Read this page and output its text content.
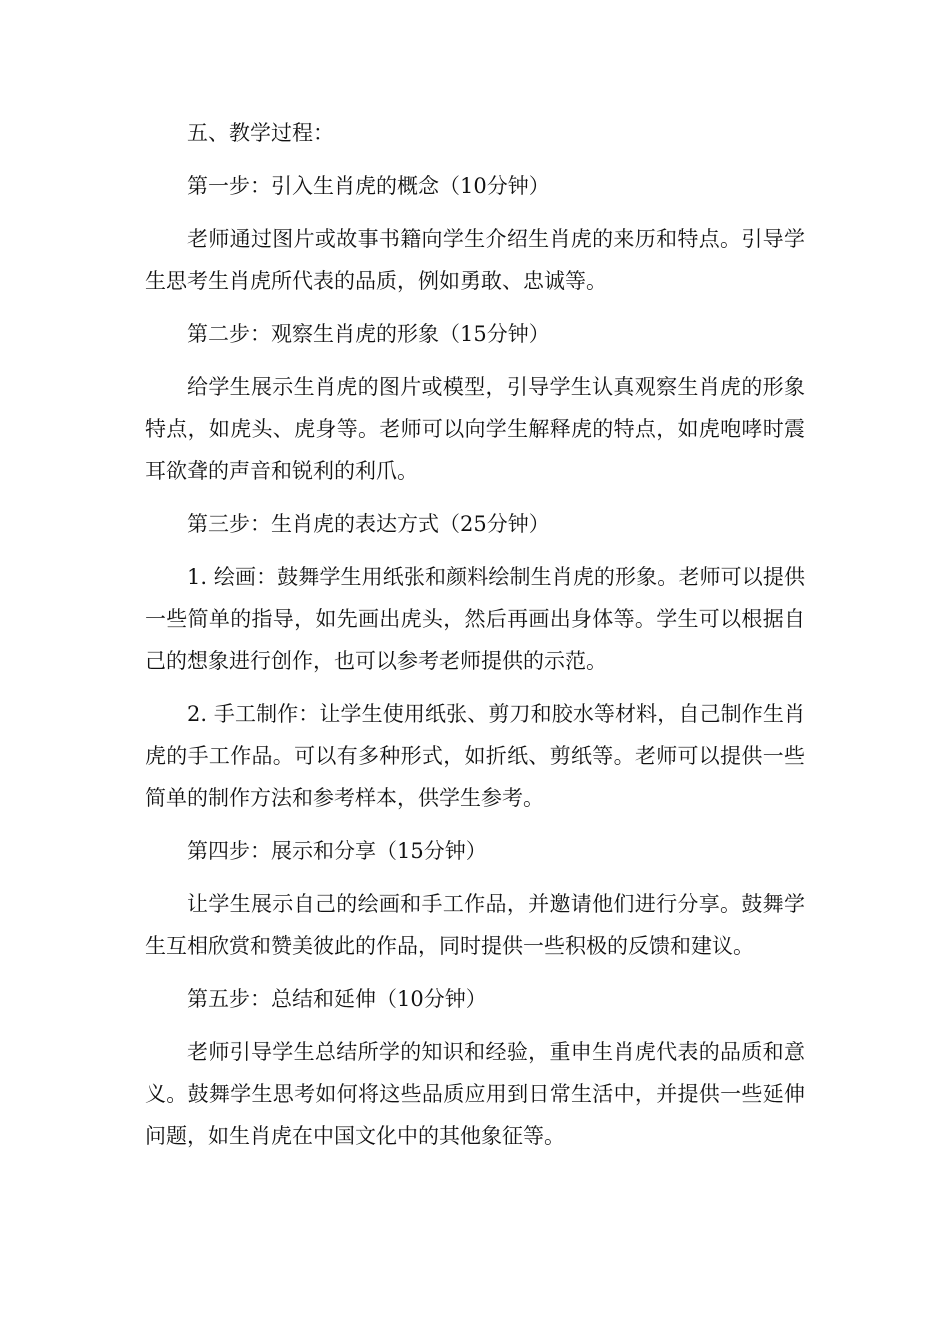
五、教学过程：

第一步：引入生肖虎的概念（10分钟）

老师通过图片或故事书籍向学生介绍生肖虎的来历和特点。引导学生思考生肖虎所代表的品质，例如勇敢、忠诚等。

第二步：观察生肖虎的形象（15分钟）

给学生展示生肖虎的图片或模型，引导学生认真观察生肖虎的形象特点，如虎头、虎身等。老师可以向学生解释虎的特点，如虎咆哮时震耳欲聋的声音和锐利的利爪。

第三步：生肖虎的表达方式（25分钟）

1. 绘画：鼓舞学生用纸张和颜料绘制生肖虎的形象。老师可以提供一些简单的指导，如先画出虎头，然后再画出身体等。学生可以根据自己的想象进行创作，也可以参考老师提供的示范。

2. 手工制作：让学生使用纸张、剪刀和胶水等材料，自己制作生肖虎的手工作品。可以有多种形式，如折纸、剪纸等。老师可以提供一些简单的制作方法和参考样本，供学生参考。

第四步：展示和分享（15分钟）

让学生展示自己的绘画和手工作品，并邀请他们进行分享。鼓舞学生互相欣赏和赞美彼此的作品，同时提供一些积极的反馈和建议。

第五步：总结和延伸（10分钟）

老师引导学生总结所学的知识和经验，重申生肖虎代表的品质和意义。鼓舞学生思考如何将这些品质应用到日常生活中，并提供一些延伸问题，如生肖虎在中国文化中的其他象征等。
